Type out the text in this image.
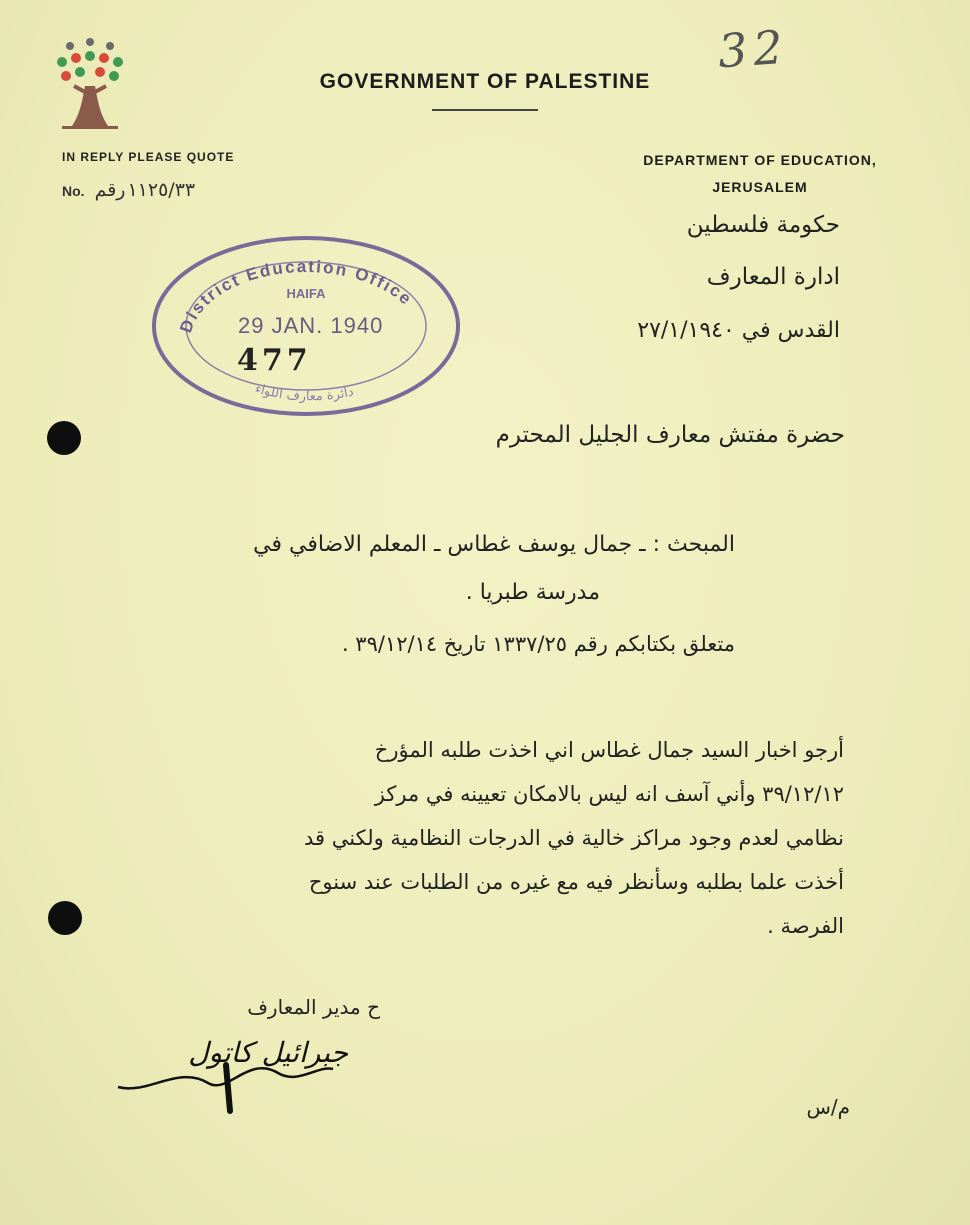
32
GOVERNMENT OF PALESTINE
IN REPLY PLEASE QUOTE
No. ١١٢٥/٣٣رقم
DEPARTMENT OF EDUCATION,
JERUSALEM
حكومة فلسطين
ادارة المعارف
القدس في ٢٧/١/١٩٤٠
District Education Office
HAIFA
دائرة معارف اللواء
29 JAN. 1940
477
حضرة مفتش معارف الجليل المحترم
المبحث : ـ جمال يوسف غطاس ـ المعلم الاضافي في
مدرسة طبريا .
متعلق بكتابكم رقم ١٣٣٧/٢٥ تاريخ ٣٩/١٢/١٤ .
أرجو اخبار السيد جمال غطاس اني اخذت طلبه المؤرخ
٣٩/١٢/١٢ وأني آسف انه ليس بالامكان تعيينه في مركز
نظامي لعدم وجود مراكز خالية في الدرجات النظامية ولكني قد
أخذت علما بطلبه وسأنظر فيه مع غيره من الطلبات عند سنوح
الفرصة .
ح مدير المعارف
جبرائيل كاتول
م/س
